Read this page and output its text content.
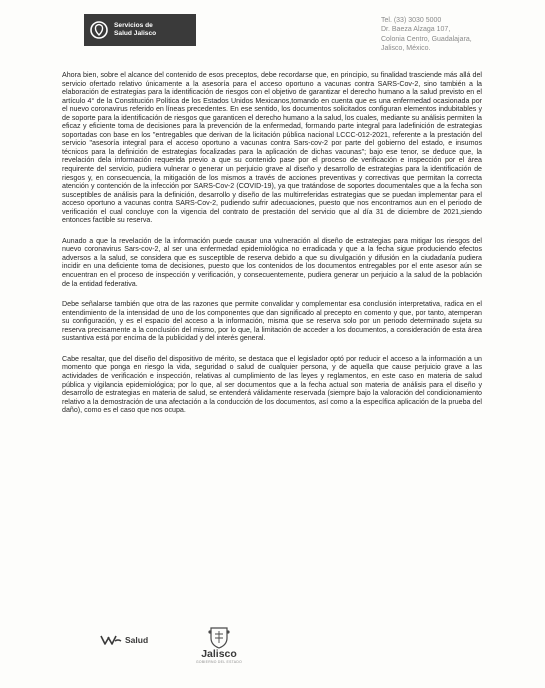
Servicios de
Salud Jalisco
Tel. (33) 3030 5000
Dr. Baeza Alzaga 107,
Colonia Centro, Guadalajara,
Jalisco, México.

Ahora bien, sobre el alcance del contenido de esos preceptos, debe recordarse que, en principio, su finalidad trasciende más allá del servicio ofertado relativo únicamente a la asesoría para el acceso oportuno a vacunas contra SARS-Cov-2, sino también a la elaboración de estrategias para la identificación de riesgos con el objetivo de garantizar el derecho humano a la salud previsto en el artículo 4° de la Constitución Política de los Estados Unidos Mexicanos,tomando en cuenta que es una enfermedad ocasionada por el nuevo coronavirus referido en líneas precedentes. En ese sentido, los documentos solicitados configuran elementos indubitables y de soporte para la identificación de riesgos que garanticen el derecho humano a la salud, los cuales, mediante su análisis permiten la eficaz y eficiente toma de decisiones para la prevención de la enfermedad, formando parte integral para ladefinición de estrategias soportadas con base en los "entregables que derivan de la licitación pública nacional LCCC-012-2021, referente a la prestación del servicio "asesoría integral para el acceso oportuno a vacunas contra Sars-cov-2 por parte del gobierno del estado, e insumos técnicos para la definición de estrategias focalizadas para la aplicación de dichas vacunas"; bajo ese tenor, se deduce que, la revelación dela información requerida previo a que su contenido pase por el proceso de verificación e inspección por el área requirente del servicio, pudiera vulnerar o generar un perjuicio grave al diseño y desarrollo de estrategias para la identificación de riesgos y, en consecuencia, la mitigación de los mismos a través de acciones preventivas y correctivas que permitan la correcta atención y contención de la infección por SARS-Cov-2 (COVID-19), ya que tratándose de soportes documentales que a la fecha son susceptibles de análisis para la definición, desarrollo y diseño de las multirreferidas estrategias que se puedan implementar para el acceso oportuno a vacunas contra SARS-Cov-2, pudiendo sufrir adecuaciones, puesto que nos encontramos aun en el periodo de verificación el cual concluye con la vigencia del contrato de prestación del servicio que al día 31 de diciembre de 2021,siendo entonces factible su reserva.

Aunado a que la revelación de la información puede causar una vulneración al diseño de estrategias para mitigar los riesgos del nuevo coronavirus Sars-cov-2, al ser una enfermedad epidemiológica no erradicada y que a la fecha sigue produciendo efectos adversos a la salud, se considera que es susceptible de reserva debido a que su divulgación y difusión en la ciudadanía pudiera incidir en una deficiente toma de decisiones, puesto que los contenidos de los documentos entregables por el ente asesor aún se encuentran en el proceso de inspección y verificación, y consecuentemente, pudiera generar un perjuicio a la salud de la población de la entidad federativa.

Debe señalarse también que otra de las razones que permite convalidar y complementar esa conclusión interpretativa, radica en el entendimiento de la intensidad de uno de los componentes que dan significado al precepto en comento y que, por tanto, atemperan su configuración, y es el espacio del acceso a la información, misma que se reserva solo por un periodo determinado sujeta su reserva precisamente a la conclusión del mismo, por lo que, la limitación de acceder a los documentos, a consideración de esta área sustantiva está por encima de la publicidad y del interés general.

Cabe resaltar, que del diseño del dispositivo de mérito, se destaca que el legislador optó por reducir el acceso a la información a un momento que ponga en riesgo la vida, seguridad o salud de cualquier persona, y de aquella que cause perjuicio grave a las actividades de verificación e inspección, relativas al cumplimiento de las leyes y reglamentos, en este caso en materia de salud pública y vigilancia epidemiológica; por lo que, al ser documentos que a la fecha actual son materia de análisis para el diseño y desarrollo de estrategias en materia de salud, se entenderá válidamente reservada (siempre bajo la valoración del condicionamiento relativo a la demostración de una afectación a la conducción de los documentos, así como a la específica aplicación de la prueba del daño), como es el caso que nos ocupa.

Salud
Jalisco
GOBIERNO DEL ESTADO
